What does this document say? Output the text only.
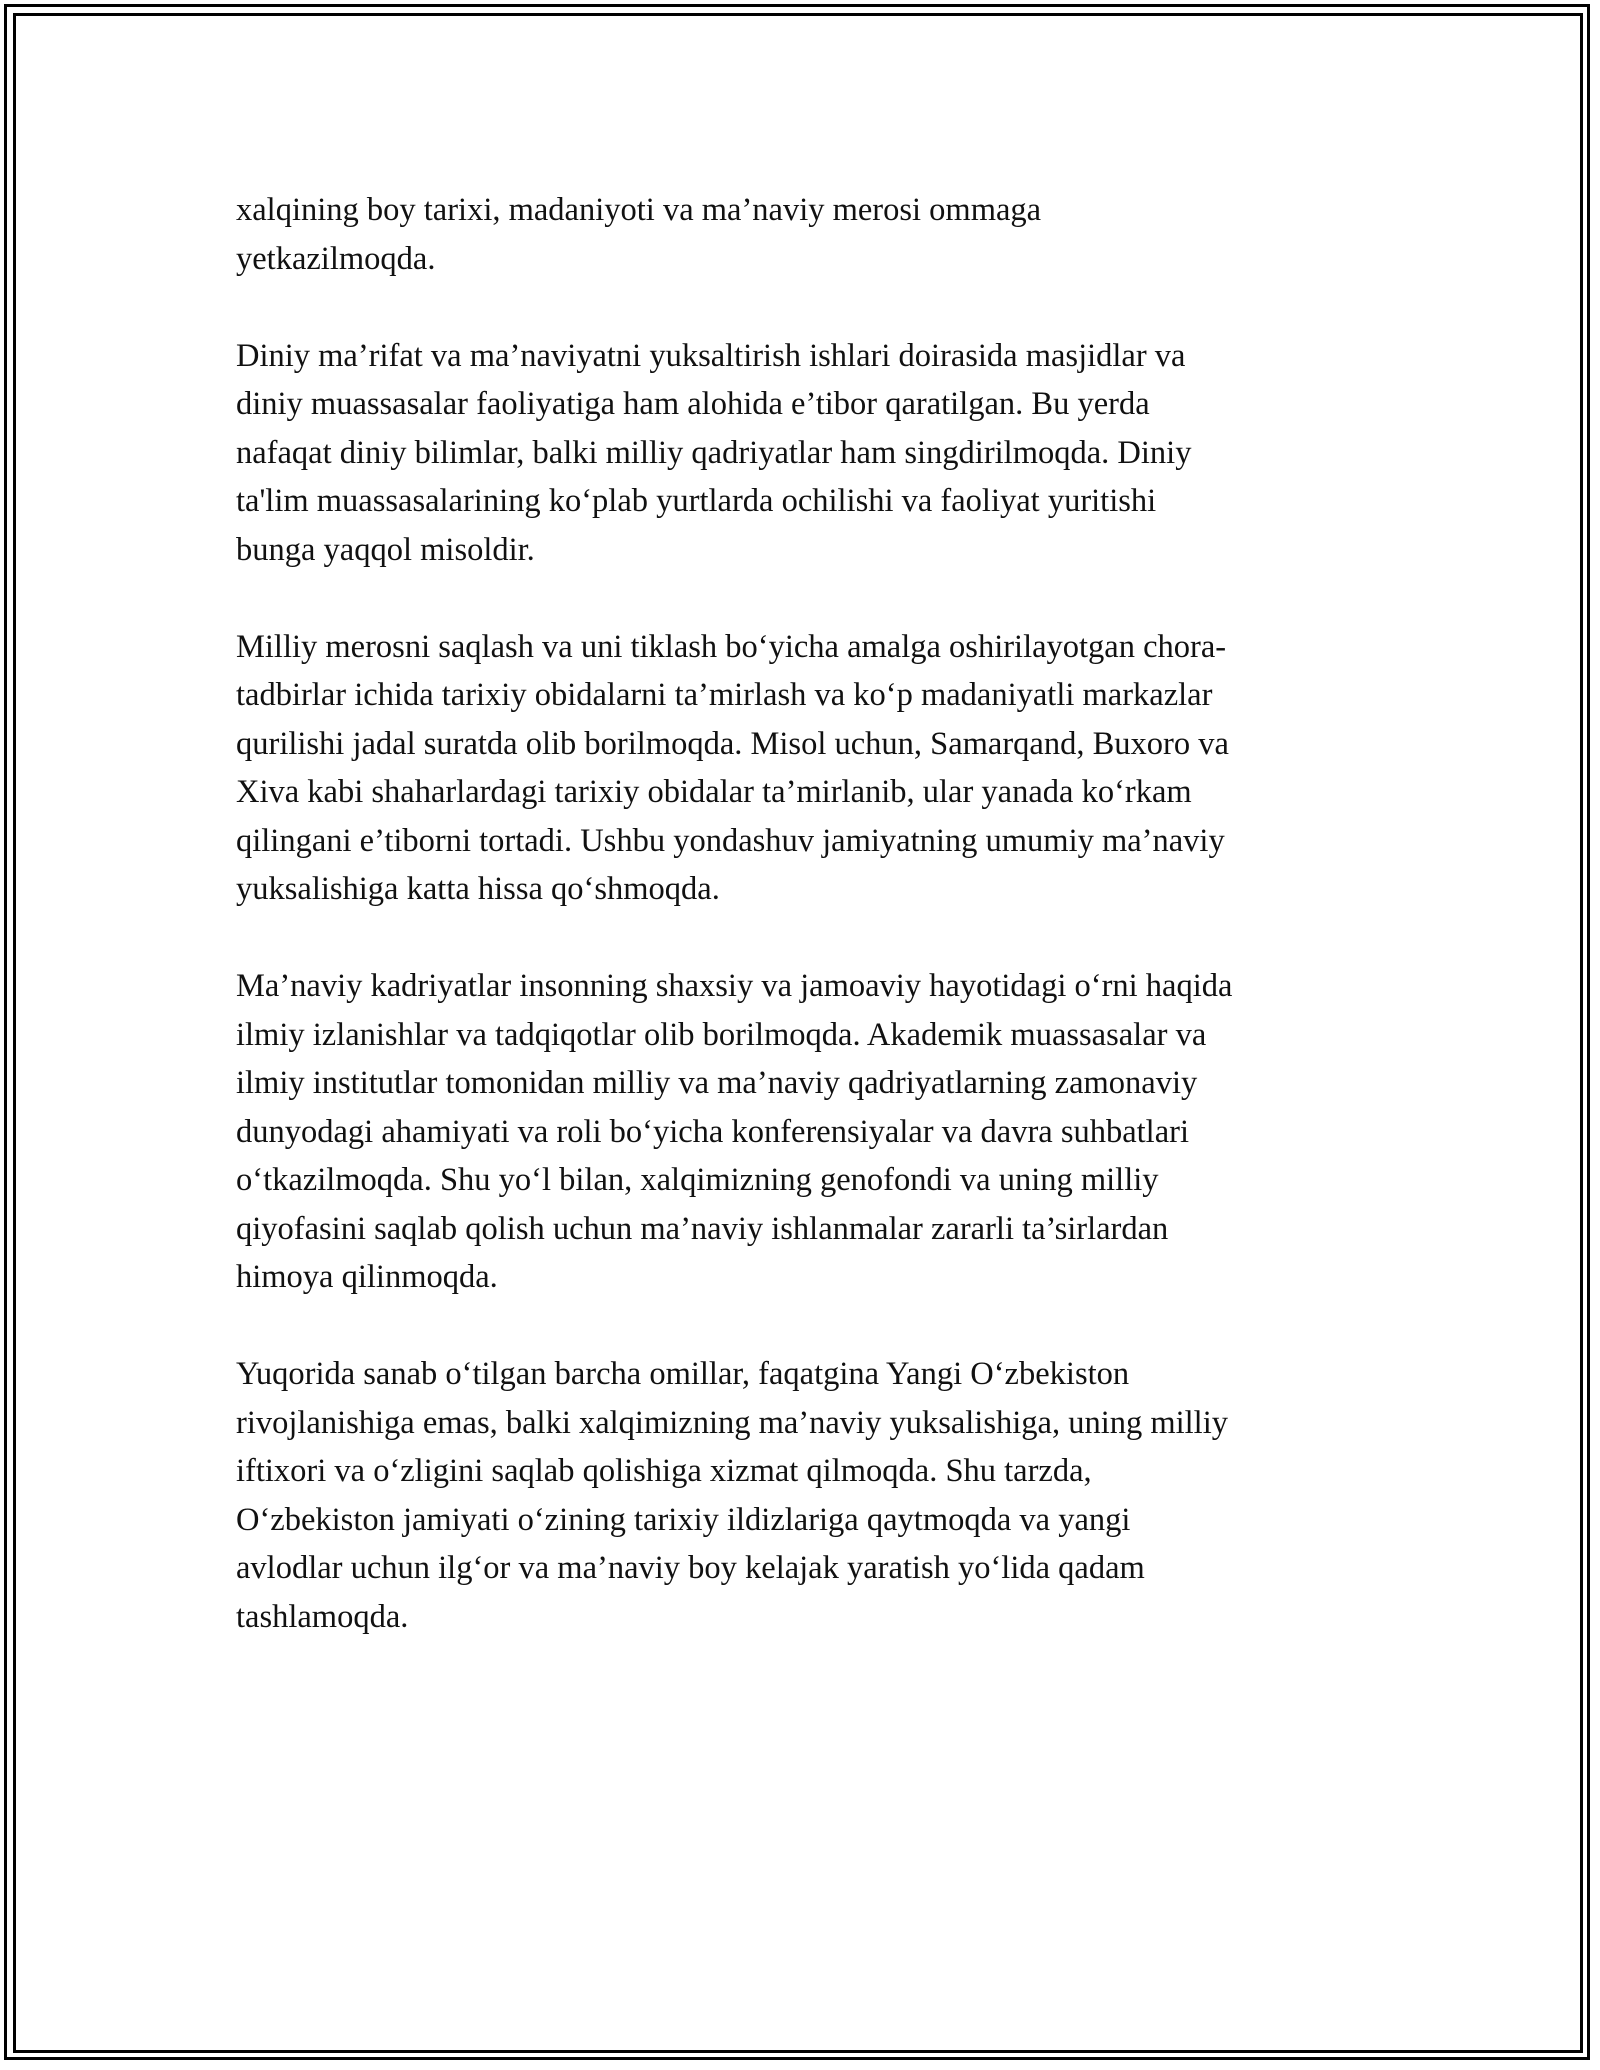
xalqining boy tarixi, madaniyoti va ma’naviy merosi ommaga
yetkazilmoqda.

Diniy ma’rifat va ma’naviyatni yuksaltirish ishlari doirasida masjidlar va
diniy muassasalar faoliyatiga ham alohida e’tibor qaratilgan. Bu yerda
nafaqat diniy bilimlar, balki milliy qadriyatlar ham singdirilmoqda. Diniy
ta'lim muassasalarining ko‘plab yurtlarda ochilishi va faoliyat yuritishi
bunga yaqqol misoldir.

Milliy merosni saqlash va uni tiklash bo‘yicha amalga oshirilayotgan chora-
tadbirlar ichida tarixiy obidalarni ta’mirlash va ko‘p madaniyatli markazlar
qurilishi jadal suratda olib borilmoqda. Misol uchun, Samarqand, Buxoro va
Xiva kabi shaharlardagi tarixiy obidalar ta’mirlanib, ular yanada ko‘rkam
qilingani e’tiborni tortadi. Ushbu yondashuv jamiyatning umumiy ma’naviy
yuksalishiga katta hissa qo‘shmoqda.

Ma’naviy kadriyatlar insonning shaxsiy va jamoaviy hayotidagi o‘rni haqida
ilmiy izlanishlar va tadqiqotlar olib borilmoqda. Akademik muassasalar va
ilmiy institutlar tomonidan milliy va ma’naviy qadriyatlarning zamonaviy
dunyodagi ahamiyati va roli bo‘yicha konferensiyalar va davra suhbatlari
o‘tkazilmoqda. Shu yo‘l bilan, xalqimizning genofondi va uning milliy
qiyofasini saqlab qolish uchun ma’naviy ishlanmalar zararli ta’sirlardan
himoya qilinmoqda.

Yuqorida sanab o‘tilgan barcha omillar, faqatgina Yangi O‘zbekiston
rivojlanishiga emas, balki xalqimizning ma’naviy yuksalishiga, uning milliy
iftixori va o‘zligini saqlab qolishiga xizmat qilmoqda. Shu tarzda,
O‘zbekiston jamiyati o‘zining tarixiy ildizlariga qaytmoqda va yangi
avlodlar uchun ilg‘or va ma’naviy boy kelajak yaratish yo‘lida qadam
tashlamoqda.
